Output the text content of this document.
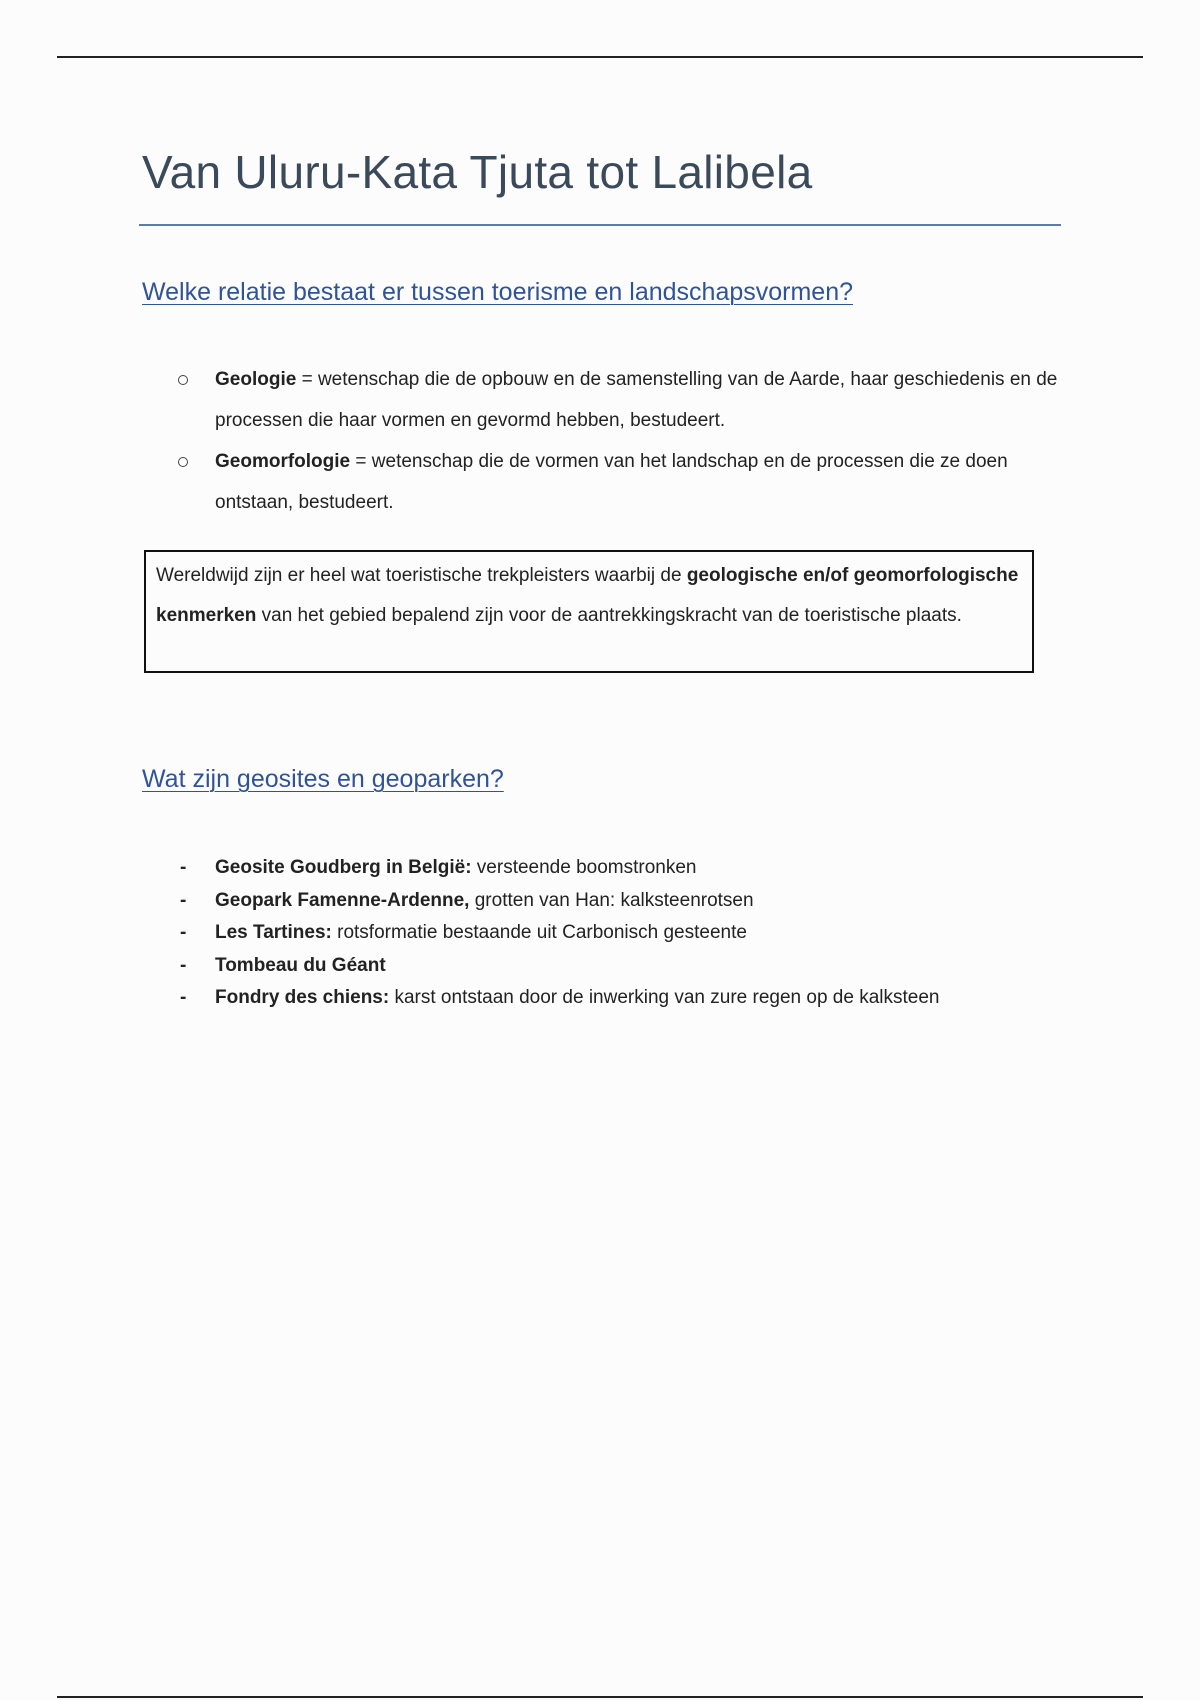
Van Uluru-Kata Tjuta tot Lalibela
Welke relatie bestaat er tussen toerisme en landschapsvormen?
Geologie = wetenschap die de opbouw en de samenstelling van de Aarde, haar geschiedenis en de processen die haar vormen en gevormd hebben, bestudeert.
Geomorfologie = wetenschap die de vormen van het landschap en de processen die ze doen ontstaan, bestudeert.
Wereldwijd zijn er heel wat toeristische trekpleisters waarbij de geologische en/of geomorfologische kenmerken van het gebied bepalend zijn voor de aantrekkingskracht van de toeristische plaats.
Wat zijn geosites en geoparken?
- Geosite Goudberg in België: versteende boomstronken
- Geopark Famenne-Ardenne, grotten van Han: kalksteenrotsen
- Les Tartines: rotsformatie bestaande uit Carbonisch gesteente
- Tombeau du Géant
- Fondry des chiens: karst ontstaan door de inwerking van zure regen op de kalksteen
